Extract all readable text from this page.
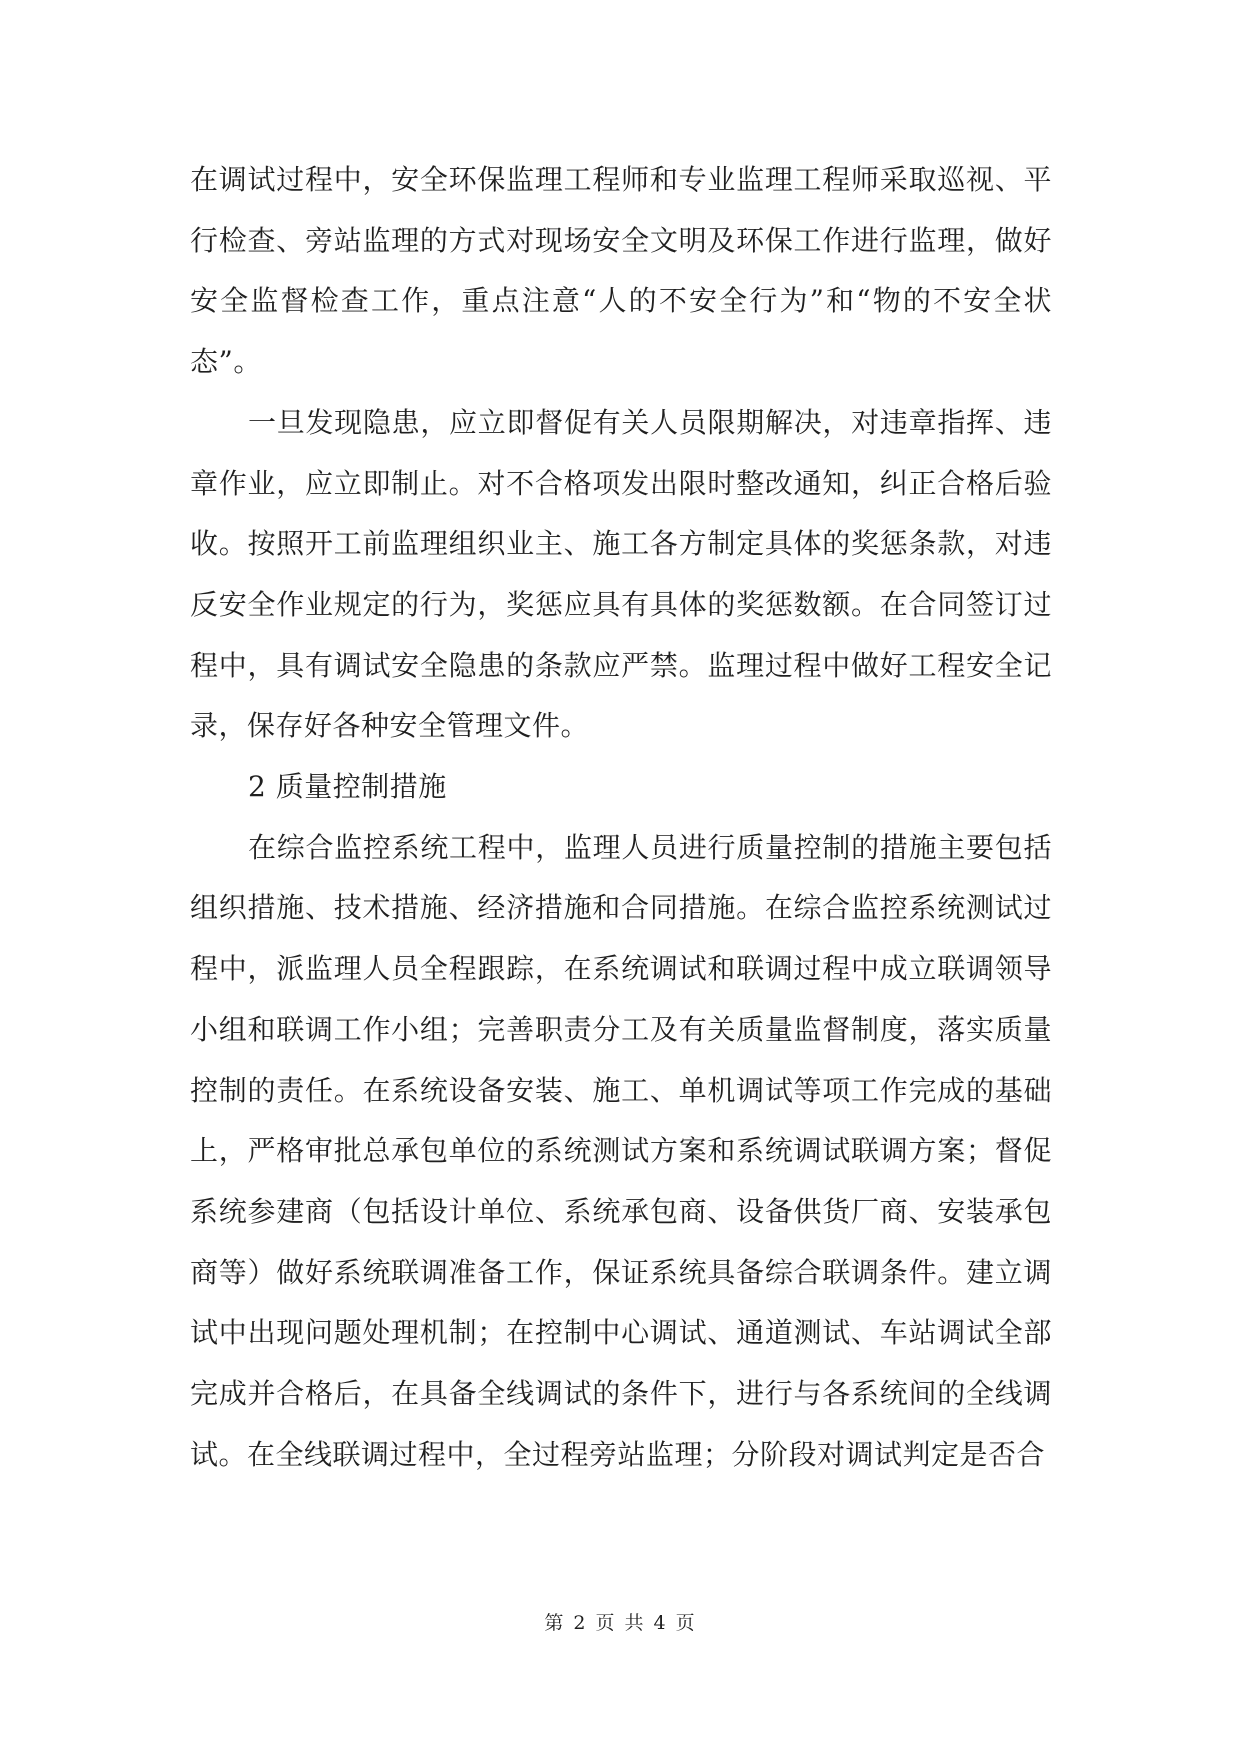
在调试过程中，安全环保监理工程师和专业监理工程师采取巡视、平行检查、旁站监理的方式对现场安全文明及环保工作进行监理，做好安全监督检查工作，重点注意“人的不安全行为”和“物的不安全状态”。

一旦发现隐患，应立即督促有关人员限期解决，对违章指挥、违章作业，应立即制止。对不合格项发出限时整改通知，纠正合格后验收。按照开工前监理组织业主、施工各方制定具体的奖惩条款，对违反安全作业规定的行为，奖惩应具有具体的奖惩数额。在合同签订过程中，具有调试安全隐患的条款应严禁。监理过程中做好工程安全记录，保存好各种安全管理文件。

2 质量控制措施

在综合监控系统工程中，监理人员进行质量控制的措施主要包括组织措施、技术措施、经济措施和合同措施。在综合监控系统测试过程中，派监理人员全程跟踪，在系统调试和联调过程中成立联调领导小组和联调工作小组；完善职责分工及有关质量监督制度，落实质量控制的责任。在系统设备安装、施工、单机调试等项工作完成的基础上，严格审批总承包单位的系统测试方案和系统调试联调方案；督促系统参建商（包括设计单位、系统承包商、设备供货厂商、安装承包商等）做好系统联调准备工作，保证系统具备综合联调条件。建立调试中出现问题处理机制；在控制中心调试、通道测试、车站调试全部完成并合格后，在具备全线调试的条件下，进行与各系统间的全线调试。在全线联调过程中，全过程旁站监理；分阶段对调试判定是否合

第 2 页 共 4 页
